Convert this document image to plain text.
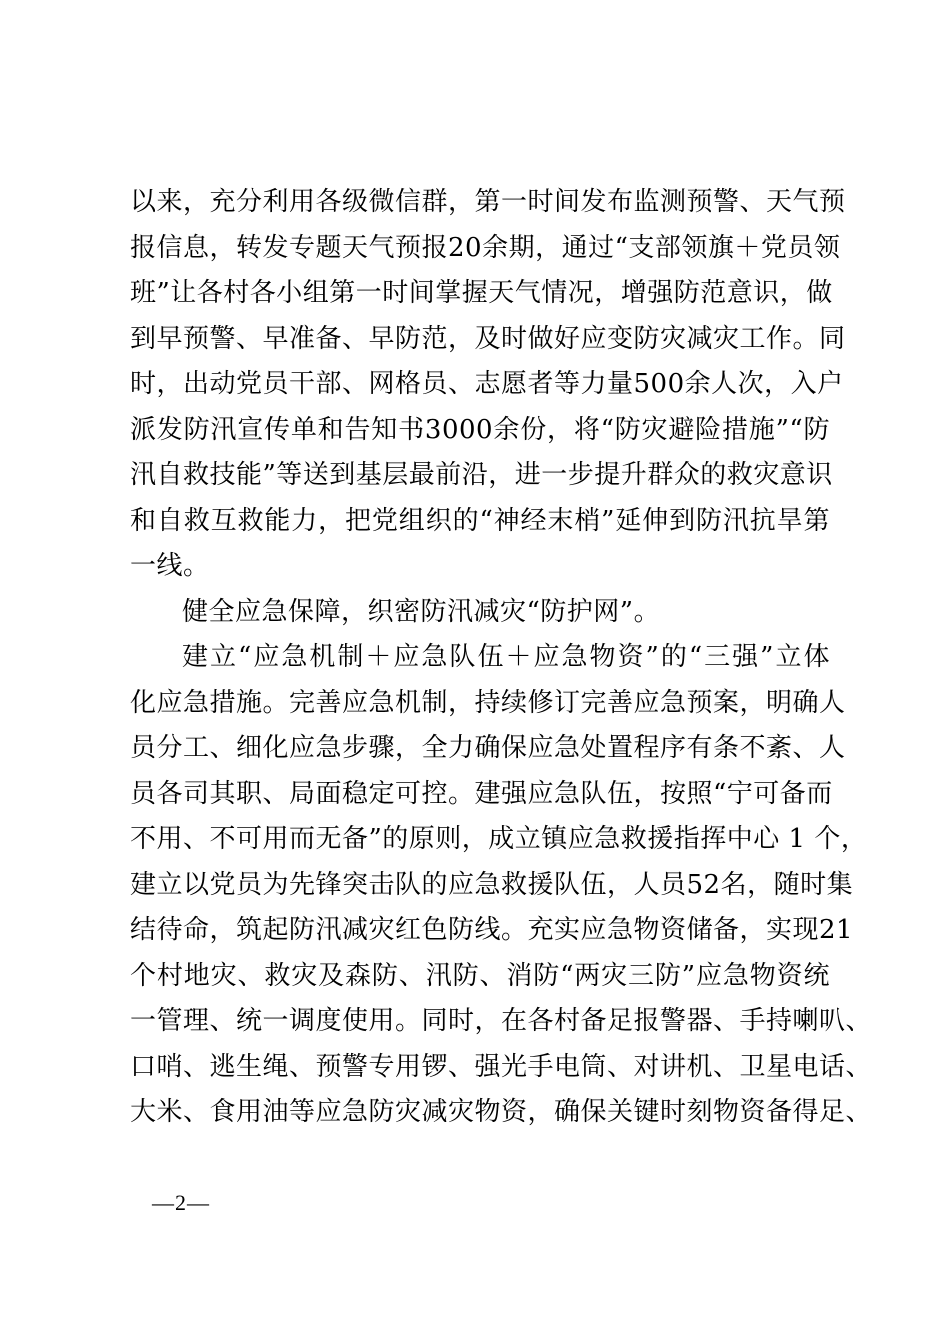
以来，充分利用各级微信群，第一时间发布监测预警、天气预
报信息，转发专题天气预报20余期，通过“支部领旗＋党员领
班”让各村各小组第一时间掌握天气情况，增强防范意识，做
到早预警、早准备、早防范，及时做好应变防灾减灾工作。同
时，出动党员干部、网格员、志愿者等力量500余人次，入户
派发防汛宣传单和告知书3000余份，将“防灾避险措施”“防
汛自救技能”等送到基层最前沿，进一步提升群众的救灾意识
和自救互救能力，把党组织的“神经末梢”延伸到防汛抗旱第
一线。
健全应急保障，织密防汛减灾“防护网”。
建立“应急机制＋应急队伍＋应急物资”的“三强”立体
化应急措施。完善应急机制，持续修订完善应急预案，明确人
员分工、细化应急步骤，全力确保应急处置程序有条不紊、人
员各司其职、局面稳定可控。建强应急队伍，按照“宁可备而
不用、不可用而无备”的原则，成立镇应急救援指挥中心 1 个，
建立以党员为先锋突击队的应急救援队伍，人员52名，随时集
结待命，筑起防汛减灾红色防线。充实应急物资储备，实现21
个村地灾、救灾及森防、汛防、消防“两灾三防”应急物资统
一管理、统一调度使用。同时，在各村备足报警器、手持喇叭、
口哨、逃生绳、预警专用锣、强光手电筒、对讲机、卫星电话、
大米、食用油等应急防灾减灾物资，确保关键时刻物资备得足、
—2—
